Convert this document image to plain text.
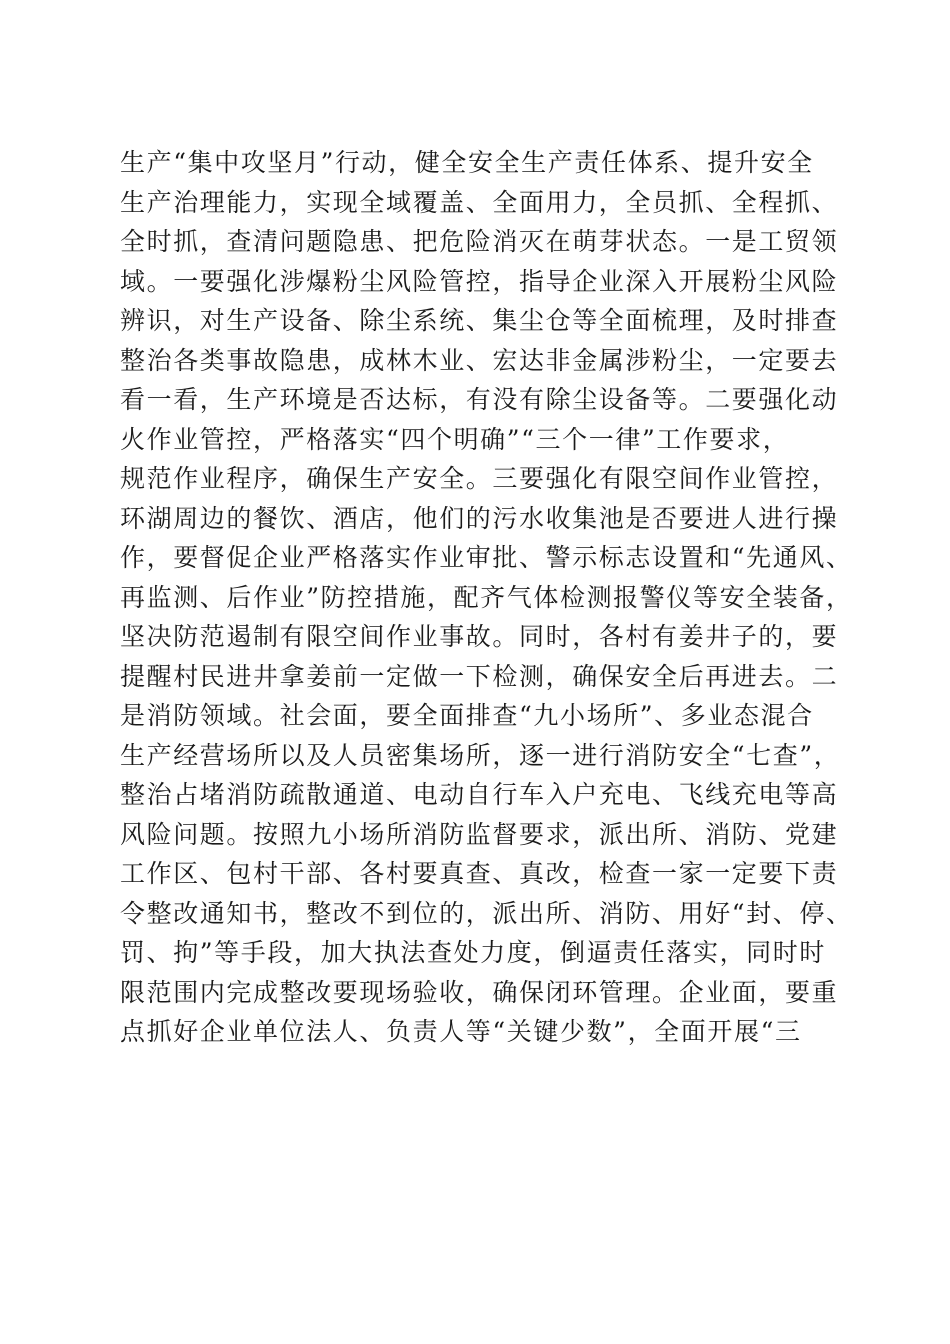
生产“集中攻坚月”行动，健全安全生产责任体系、提升安全
生产治理能力，实现全域覆盖、全面用力，全员抓、全程抓、
全时抓，查清问题隐患、把危险消灭在萌芽状态。一是工贸领
域。一要强化涉爆粉尘风险管控，指导企业深入开展粉尘风险
辨识，对生产设备、除尘系统、集尘仓等全面梳理，及时排查
整治各类事故隐患，成林木业、宏达非金属涉粉尘，一定要去
看一看，生产环境是否达标，有没有除尘设备等。二要强化动
火作业管控，严格落实“四个明确”“三个一律”工作要求，
规范作业程序，确保生产安全。三要强化有限空间作业管控，
环湖周边的餐饮、酒店，他们的污水收集池是否要进人进行操
作，要督促企业严格落实作业审批、警示标志设置和“先通风、
再监测、后作业”防控措施，配齐气体检测报警仪等安全装备，
坚决防范遏制有限空间作业事故。同时，各村有姜井子的，要
提醒村民进井拿姜前一定做一下检测，确保安全后再进去。二
是消防领域。社会面，要全面排查“九小场所”、多业态混合
生产经营场所以及人员密集场所，逐一进行消防安全“七查”，
整治占堵消防疏散通道、电动自行车入户充电、飞线充电等高
风险问题。按照九小场所消防监督要求，派出所、消防、党建
工作区、包村干部、各村要真查、真改，检查一家一定要下责
令整改通知书，整改不到位的，派出所、消防、用好“封、停、
罚、拘”等手段，加大执法查处力度，倒逼责任落实，同时时
限范围内完成整改要现场验收，确保闭环管理。企业面，要重
点抓好企业单位法人、负责人等“关键少数”，全面开展“三
